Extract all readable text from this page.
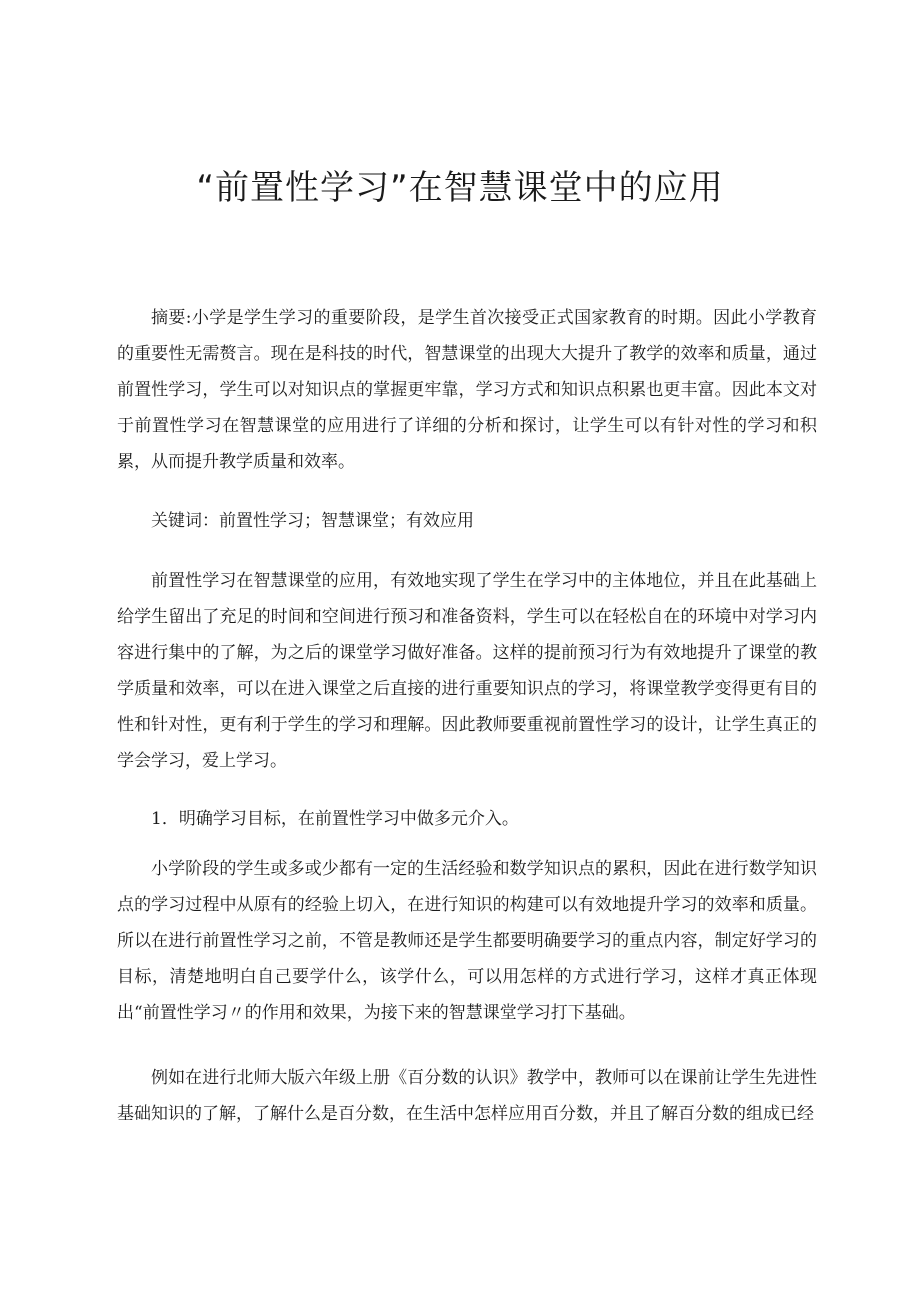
“前置性学习”在智慧课堂中的应用

摘要:小学是学生学习的重要阶段，是学生首次接受正式国家教育的时期。因此小学教育的重要性无需赘言。现在是科技的时代，智慧课堂的出现大大提升了教学的效率和质量，通过前置性学习，学生可以对知识点的掌握更牢靠，学习方式和知识点积累也更丰富。因此本文对于前置性学习在智慧课堂的应用进行了详细的分析和探讨，让学生可以有针对性的学习和积累，从而提升教学质量和效率。

关键词：前置性学习；智慧课堂；有效应用

前置性学习在智慧课堂的应用，有效地实现了学生在学习中的主体地位，并且在此基础上给学生留出了充足的时间和空间进行预习和准备资料，学生可以在轻松自在的环境中对学习内容进行集中的了解，为之后的课堂学习做好准备。这样的提前预习行为有效地提升了课堂的教学质量和效率，可以在进入课堂之后直接的进行重要知识点的学习，将课堂教学变得更有目的性和针对性，更有利于学生的学习和理解。因此教师要重视前置性学习的设计，让学生真正的学会学习，爱上学习。

1．明确学习目标，在前置性学习中做多元介入。

小学阶段的学生或多或少都有一定的生活经验和数学知识点的累积，因此在进行数学知识点的学习过程中从原有的经验上切入，在进行知识的构建可以有效地提升学习的效率和质量。所以在进行前置性学习之前，不管是教师还是学生都要明确要学习的重点内容，制定好学习的目标，清楚地明白自己要学什么，该学什么，可以用怎样的方式进行学习，这样才真正体现出“前置性学习〃的作用和效果，为接下来的智慧课堂学习打下基础。

例如在进行北师大版六年级上册《百分数的认识》教学中，教师可以在课前让学生先进性基础知识的了解，了解什么是百分数，在生活中怎样应用百分数，并且了解百分数的组成已经
